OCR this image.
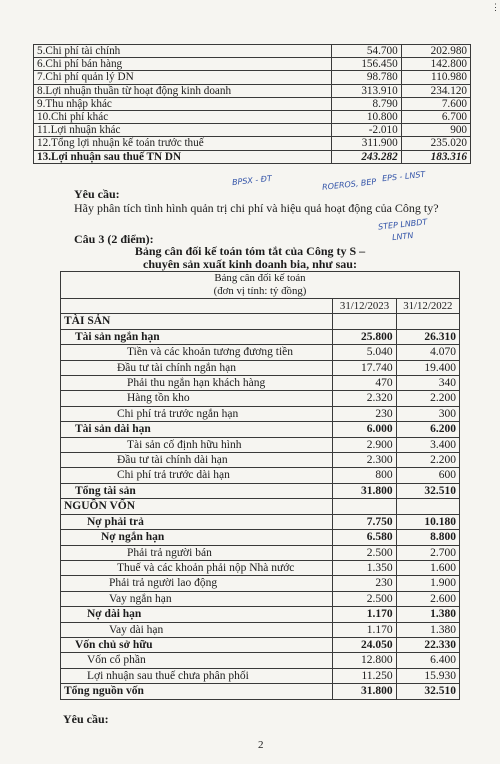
⋮
5.Chi phí tài chính	54.700	202.980
6.Chi phí bán hàng	156.450	142.800
7.Chi phí quản lý DN	98.780	110.980
8.Lợi nhuận thuần từ hoạt động kinh doanh	313.910	234.120
9.Thu nhập khác	8.790	7.600
10.Chi phí khác	10.800	6.700
11.Lợi nhuận khác	-2.010	900
12.Tổng lợi nhuận kế toán trước thuế	311.900	235.020
13.Lợi nhuận sau thuế TN DN	243.282	183.316
BPSX - ĐT	ROEROS, BEP
EPS - LNST
STEP LNBDT
LNTN
Yêu cầu:
Hãy phân tích tình hình quản trị chi phí và hiệu quả hoạt động của Công ty?
Câu 3 (2 điểm):
Bảng cân đối kế toán tóm tắt của Công ty S –
chuyên sản xuất kinh doanh bia, như sau:
Bảng cân đối kế toán
(đơn vị tính: tỷ đồng)		

	31/12/2023	31/12/2022
TÀI SẢN		
Tài sản ngắn hạn	25.800	26.310
Tiền và các khoản tương đương tiền	5.040	4.070
Đầu tư tài chính ngắn hạn	17.740	19.400
Phải thu ngắn hạn khách hàng	470	340
Hàng tồn kho	2.320	2.200
Chi phí trả trước ngắn hạn	230	300
Tài sản dài hạn	6.000	6.200
Tài sản cố định hữu hình	2.900	3.400
Đầu tư tài chính dài hạn	2.300	2.200
Chi phí trả trước dài hạn	800	600
Tổng tài sản	31.800	32.510
NGUỒN VỐN		
Nợ phải trả	7.750	10.180
Nợ ngắn hạn	6.580	8.800
Phải trả người bán	2.500	2.700
Thuế và các khoản phải nộp Nhà nước	1.350	1.600
Phải trả người lao động	230	1.900
Vay ngắn hạn	2.500	2.600
Nợ dài hạn	1.170	1.380
Vay dài hạn	1.170	1.380
Vốn chủ sở hữu	24.050	22.330
Vốn cổ phần	12.800	6.400
Lợi nhuận sau thuế chưa phân phối	11.250	15.930
Tổng nguồn vốn	31.800	32.510
Yêu cầu:
2
